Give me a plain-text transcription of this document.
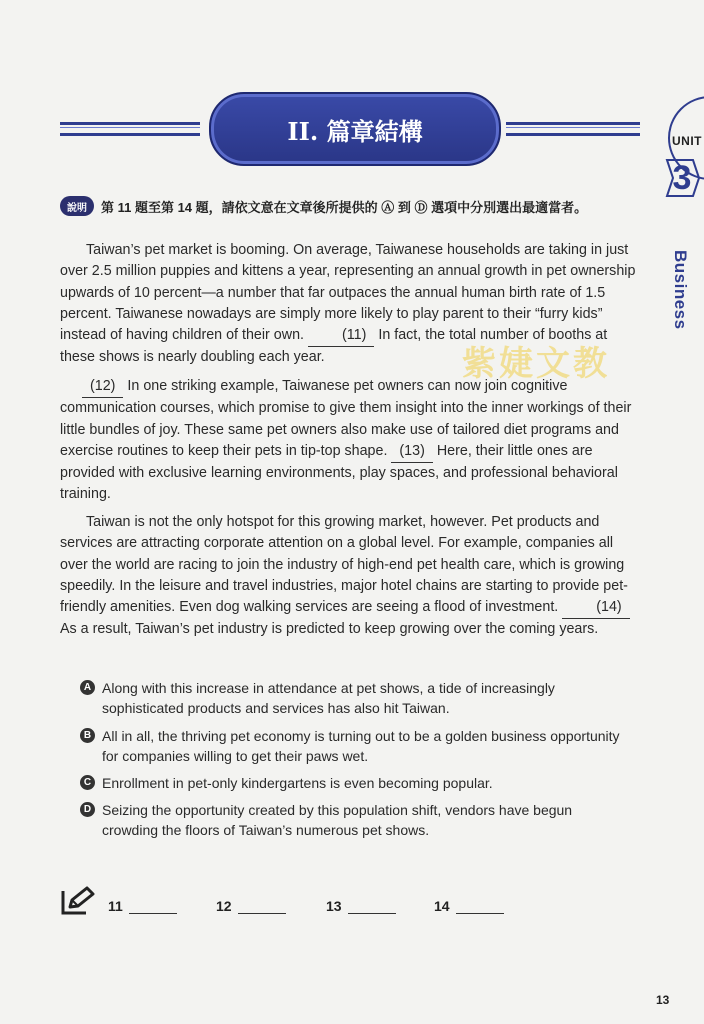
II. 篇章結構	UNIT
3
Business
說明	第 11 題至第 14 題，請依文意在文章後所提供的 Ⓐ 到 Ⓓ 選項中分別選出最適當者。
紫婕文教

Taiwan’s pet market is booming. On average, Taiwanese households are taking in just over 2.5 million puppies and kittens a year, representing an annual growth in pet ownership upwards of 10 percent—a number that far outpaces the annual human birth rate of 1.5 percent. Taiwanese nowadays are simply more likely to play parent to their “furry kids” instead of having children of their own.	(11) In fact, the total number of booths at these shows is nearly doubling each year.

(12) In one striking example, Taiwanese pet owners can now join cognitive communication courses, which promise to give them insight into the inner workings of their little bundles of joy. These same pet owners also make use of tailored diet programs and exercise routines to keep their pets in tip-top shape. (13) Here, their little ones are provided with exclusive learning environments, play spaces, and professional behavioral training.

Taiwan is not the only hotspot for this growing market, however. Pet products and services are attracting corporate attention on a global level. For example, companies all over the world are racing to join the industry of high-end pet health care, which is growing speedily. In the leisure and travel industries, major hotel chains are starting to provide pet-friendly amenities. Even dog walking services are seeing a flood of investment.	(14) As a result, Taiwan’s pet industry is predicted to keep growing over the coming years.

A Along with this increase in attendance at pet shows, a tide of increasingly sophisticated products and services has also hit Taiwan.
B All in all, the thriving pet economy is turning out to be a golden business opportunity for companies willing to get their paws wet.
C Enrollment in pet-only kindergartens is even becoming popular.
D Seizing the opportunity created by this population shift, vendors have begun crowding the floors of Taiwan’s numerous pet shows.
11	12	13	14
13
